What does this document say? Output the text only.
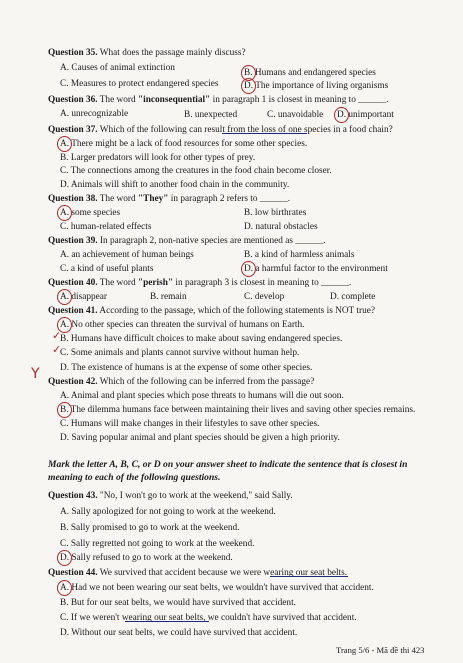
Question 35. What does the passage mainly discuss?
A. Causes of animal extinction	B. Humans and endangered species
C. Measures to protect endangered species	D. The importance of living organisms
Question 36. The word "inconsequential" in paragraph 1 is closest in meaning to ______.
A. unrecognizable	B. unexpected	C. unavoidable D. unimportant
Question 37. Which of the following can result from the loss of one species in a food chain?
A. There might be a lack of food resources for some other species.
B. Larger predators will look for other types of prey.
C. The connections among the creatures in the food chain become closer.
D. Animals will shift to another food chain in the community.
Question 38. The word "They" in paragraph 2 refers to ______.
A. some species	B. low birthrates
C. human-related effects	D. natural obstacles
Question 39. In paragraph 2, non-native species are mentioned as ______.
A. an achievement of human beings	B. a kind of harmless animals
C. a kind of useful plants	D. a harmful factor to the environment
Question 40. The word "perish" in paragraph 3 is closest in meaning to ______.
A. disappear	B. remain	C. develop	D. complete
Question 41. According to the passage, which of the following statements is NOT true?
A. No other species can threaten the survival of humans on Earth.
B. Humans have difficult choices to make about saving endangered species.
C. Some animals and plants cannot survive without human help.
D. The existence of humans is at the expense of some other species.
Question 42. Which of the following can be inferred from the passage?
A. Animal and plant species which pose threats to humans will die out soon.
B. The dilemma humans face between maintaining their lives and saving other species remains.
C. Humans will make changes in their lifestyles to save other species.
D. Saving popular animal and plant species should be given a high priority.
Mark the letter A, B, C, or D on your answer sheet to indicate the sentence that is closest in
meaning to each of the following questions.
Question 43. "No, I won't go to work at the weekend," said Sally.
A. Sally apologized for not going to work at the weekend.
B. Sally promised to go to work at the weekend.
C. Sally regretted not going to work at the weekend.
D. Sally refused to go to work at the weekend.
Question 44. We survived that accident because we were wearing our seat belts.
A. Had we not been wearing our seat belts, we wouldn't have survived that accident.
B. But for our seat belts, we would have survived that accident.
C. If we weren't wearing our seat belts, we couldn't have survived that accident.
D. Without our seat belts, we could have survived that accident.
Trang 5/6 - Mã đề thi 423
✓
✓
Y
